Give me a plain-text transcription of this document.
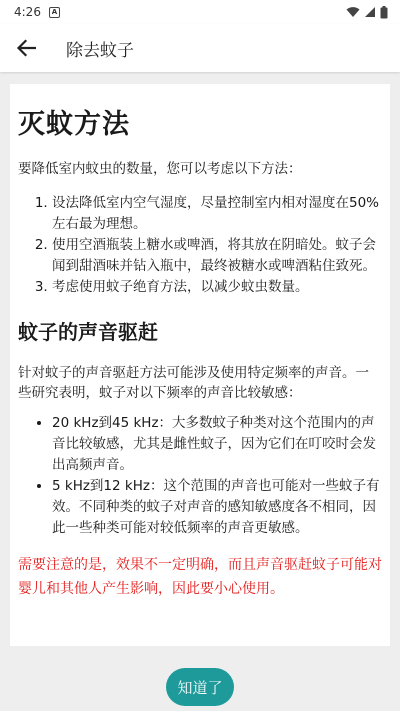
4:26	A
除去蚊子
灭蚊方法

要降低室内蚊虫的数量，您可以考虑以下方法：

1. 设法降低室内空气湿度，尽量控制室内相对湿度在50%左右最为理想。
2. 使用空酒瓶装上糖水或啤酒，将其放在阴暗处。蚊子会闻到甜酒味并钻入瓶中，最终被糖水或啤酒粘住致死。
3. 考虑使用蚊子绝育方法，以减少蚊虫数量。
蚊子的声音驱赶

针对蚊子的声音驱赶方法可能涉及使用特定频率的声音。一些研究表明，蚊子对以下频率的声音比较敏感：

• 20 kHz到45 kHz：大多数蚊子种类对这个范围内的声音比较敏感，尤其是雌性蚊子，因为它们在叮咬时会发出高频声音。
• 5 kHz到12 kHz：这个范围的声音也可能对一些蚊子有效。不同种类的蚊子对声音的感知敏感度各不相同，因此一些种类可能对较低频率的声音更敏感。

需要注意的是，效果不一定明确，而且声音驱赶蚊子可能对婴儿和其他人产生影响，因此要小心使用。

知道了
